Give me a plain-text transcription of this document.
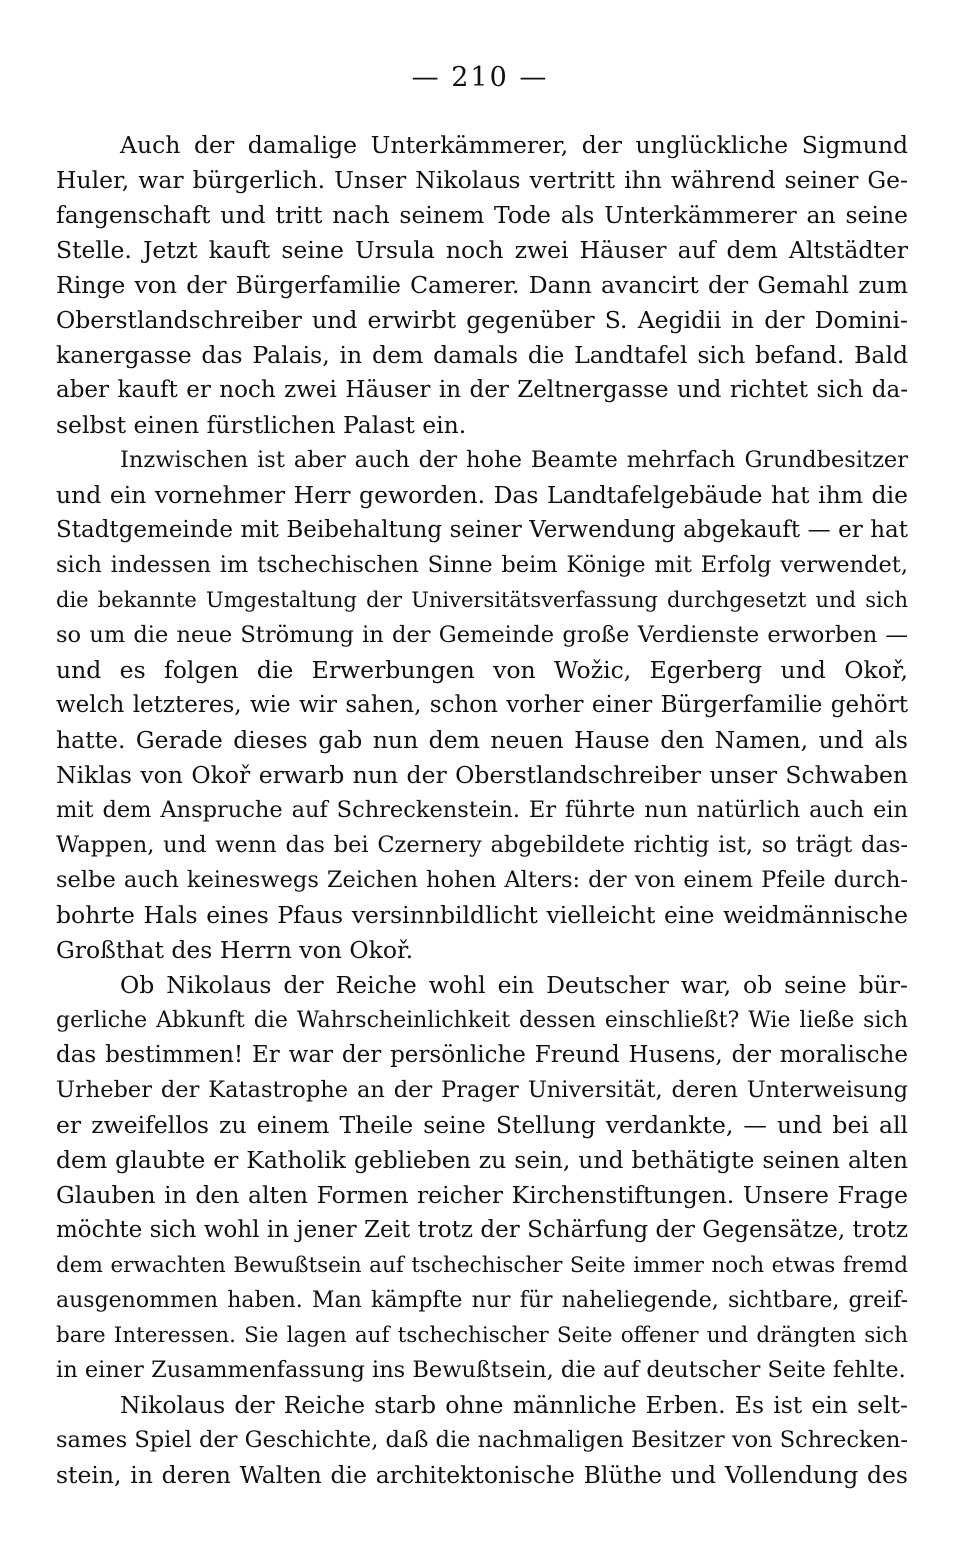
— 210 —
Auch der damalige Unterkämmerer, der unglückliche Sigmund
Huler, war bürgerlich. Unser Nikolaus vertritt ihn während seiner Ge-
fangenschaft und tritt nach seinem Tode als Unterkämmerer an seine
Stelle. Jetzt kauft seine Ursula noch zwei Häuser auf dem Altstädter
Ringe von der Bürgerfamilie Camerer. Dann avancirt der Gemahl zum
Oberstlandschreiber und erwirbt gegenüber S. Aegidii in der Domini-
kanergasse das Palais, in dem damals die Landtafel sich befand. Bald
aber kauft er noch zwei Häuser in der Zeltnergasse und richtet sich da-
selbst einen fürstlichen Palast ein.
Inzwischen ist aber auch der hohe Beamte mehrfach Grundbesitzer
und ein vornehmer Herr geworden. Das Landtafelgebäude hat ihm die
Stadtgemeinde mit Beibehaltung seiner Verwendung abgekauft — er hat
sich indessen im tschechischen Sinne beim Könige mit Erfolg verwendet,
die bekannte Umgestaltung der Universitätsverfassung durchgesetzt und sich
so um die neue Strömung in der Gemeinde große Verdienste erworben —
und es folgen die Erwerbungen von Wožic, Egerberg und Okoř,
welch letzteres, wie wir sahen, schon vorher einer Bürgerfamilie gehört
hatte. Gerade dieses gab nun dem neuen Hause den Namen, und als
Niklas von Okoř erwarb nun der Oberstlandschreiber unser Schwaben
mit dem Anspruche auf Schreckenstein. Er führte nun natürlich auch ein
Wappen, und wenn das bei Czernery abgebildete richtig ist, so trägt das-
selbe auch keineswegs Zeichen hohen Alters: der von einem Pfeile durch-
bohrte Hals eines Pfaus versinnbildlicht vielleicht eine weidmännische
Großthat des Herrn von Okoř.
Ob Nikolaus der Reiche wohl ein Deutscher war, ob seine bür-
gerliche Abkunft die Wahrscheinlichkeit dessen einschließt? Wie ließe sich
das bestimmen! Er war der persönliche Freund Husens, der moralische
Urheber der Katastrophe an der Prager Universität, deren Unterweisung
er zweifellos zu einem Theile seine Stellung verdankte, — und bei all
dem glaubte er Katholik geblieben zu sein, und bethätigte seinen alten
Glauben in den alten Formen reicher Kirchenstiftungen. Unsere Frage
möchte sich wohl in jener Zeit trotz der Schärfung der Gegensätze, trotz
dem erwachten Bewußtsein auf tschechischer Seite immer noch etwas fremd
ausgenommen haben. Man kämpfte nur für naheliegende, sichtbare, greif-
bare Interessen. Sie lagen auf tschechischer Seite offener und drängten sich
in einer Zusammenfassung ins Bewußtsein, die auf deutscher Seite fehlte.
Nikolaus der Reiche starb ohne männliche Erben. Es ist ein selt-
sames Spiel der Geschichte, daß die nachmaligen Besitzer von Schrecken-
stein, in deren Walten die architektonische Blüthe und Vollendung des
